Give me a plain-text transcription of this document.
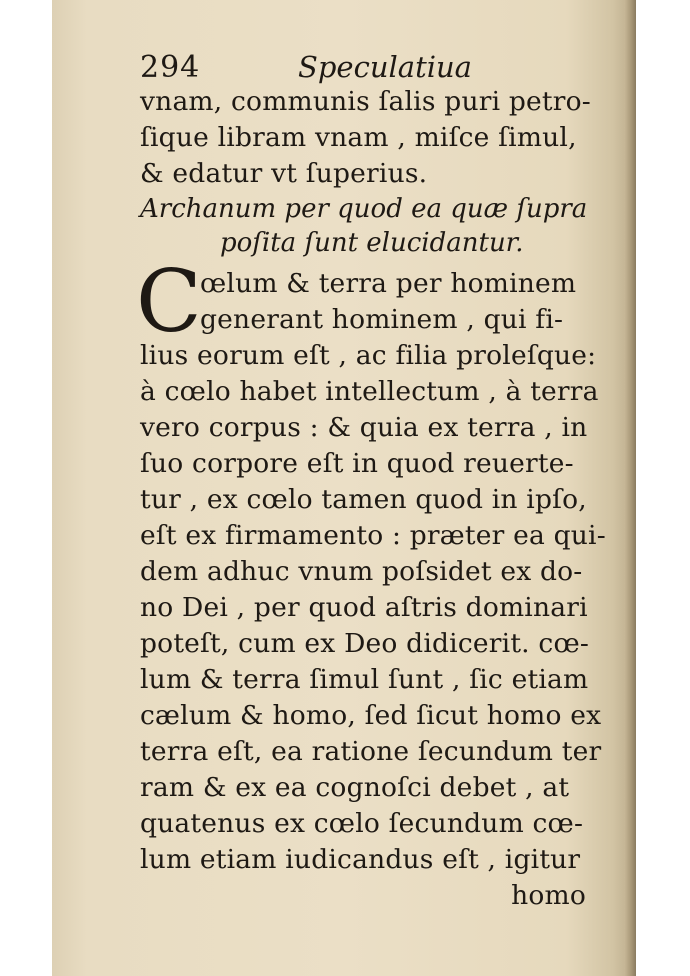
294	Speculatiua
vnam, communis ſalis puri petro-
ſique libram vnam , miſce ſimul,
& edatur vt ſuperius.
Archanum per quod ea quæ ſupra
poſita ſunt elucidantur.
C
œlum & terra per hominem
generant hominem , qui fi-
lius eorum eſt , ac filia proleſque:
à cœlo habet intellectum , à terra
vero corpus : & quia ex terra , in
ſuo corpore eſt in quod reuerte-
tur , ex cœlo tamen quod in ipſo,
eſt ex firmamento : præter ea qui-
dem adhuc vnum poſsidet ex do-
no Dei , per quod aſtris dominari
poteſt, cum ex Deo didicerit. cœ-
lum & terra ſimul ſunt , ſic etiam
cælum & homo, ſed ſicut homo ex
terra eſt, ea ratione ſecundum ter
ram & ex ea cognoſci debet , at
quatenus ex cœlo ſecundum cœ-
lum etiam iudicandus eſt , igitur
homo
